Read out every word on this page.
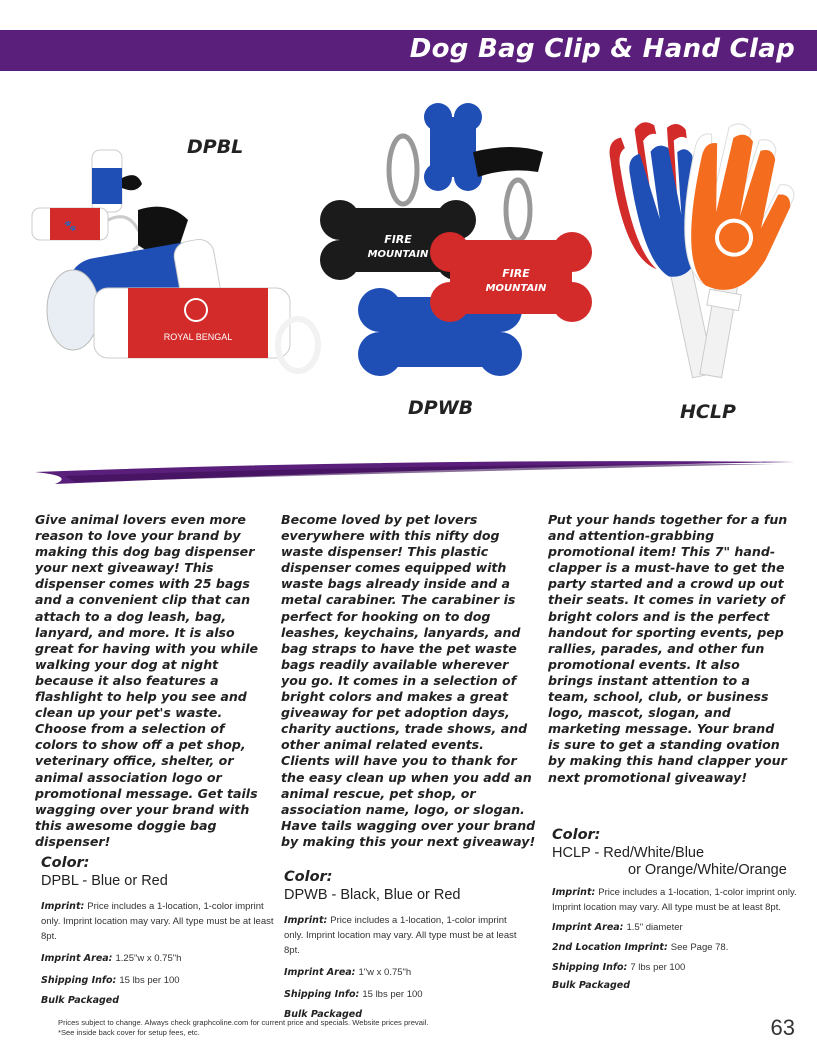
Dog Bag Clip & Hand Clap
DPBL
DPWB	HCLP
🐾
ROYAL BENGAL
FIRE
MOUNTAIN
FIRE
MOUNTAIN
Give animal lovers even more reason to love your brand by making this dog bag dispenser your next giveaway! This dispenser comes with 25 bags and a convenient clip that can attach to a dog leash, bag, lanyard, and more. It is also great for having with you while walking your dog at night because it also features a flashlight to help you see and clean up your pet's waste. Choose from a selection of colors to show off a pet shop, veterinary office, shelter, or animal association logo or promotional message. Get tails wagging over your brand with this awesome doggie bag dispenser!
Become loved by pet lovers everywhere with this nifty dog waste dispenser! This plastic dispenser comes equipped with waste bags already inside and a metal carabiner. The carabiner is perfect for hooking on to dog leashes, keychains, lanyards, and bag straps to have the pet waste bags readily available wherever you go. It comes in a selection of bright colors and makes a great giveaway for pet adoption days, charity auctions, trade shows, and other animal related events. Clients will have you to thank for the easy clean up when you add an animal rescue, pet shop, or association name, logo, or slogan. Have tails wagging over your brand by making this your next giveaway!
Put your hands together for a fun and attention-grabbing promotional item! This 7" hand-clapper is a must-have to get the party started and a crowd up out their seats. It comes in variety of bright colors and is the perfect handout for sporting events, pep rallies, parades, and other fun promotional events. It also brings instant attention to a team, school, club, or business logo, mascot, slogan, and marketing message. Your brand is sure to get a standing ovation by making this hand clapper your next promotional giveaway!
Color:
DPBL - Blue or Red
Imprint: Price includes a 1-location, 1-color imprint only. Imprint location may vary. All type must be at least 8pt.
Imprint Area: 1.25"w x 0.75"h
Shipping Info: 15 lbs per 100
Bulk Packaged
Color:
DPWB - Black, Blue or Red
Imprint: Price includes a 1-location, 1-color imprint only. Imprint location may vary. All type must be at least 8pt.
Imprint Area: 1"w x 0.75"h
Shipping Info: 15 lbs per 100
Bulk Packaged
Color:
HCLP - Red/White/Blue
or Orange/White/Orange
Imprint: Price includes a 1-location, 1-color imprint only. Imprint location may vary. All type must be at least 8pt.
Imprint Area: 1.5" diameter
2nd Location Imprint: See Page 78.
Shipping Info: 7 lbs per 100
Bulk Packaged
Prices subject to change. Always check graphcoline.com for current price and specials. Website prices prevail.
*See inside back cover for setup fees, etc.	63
